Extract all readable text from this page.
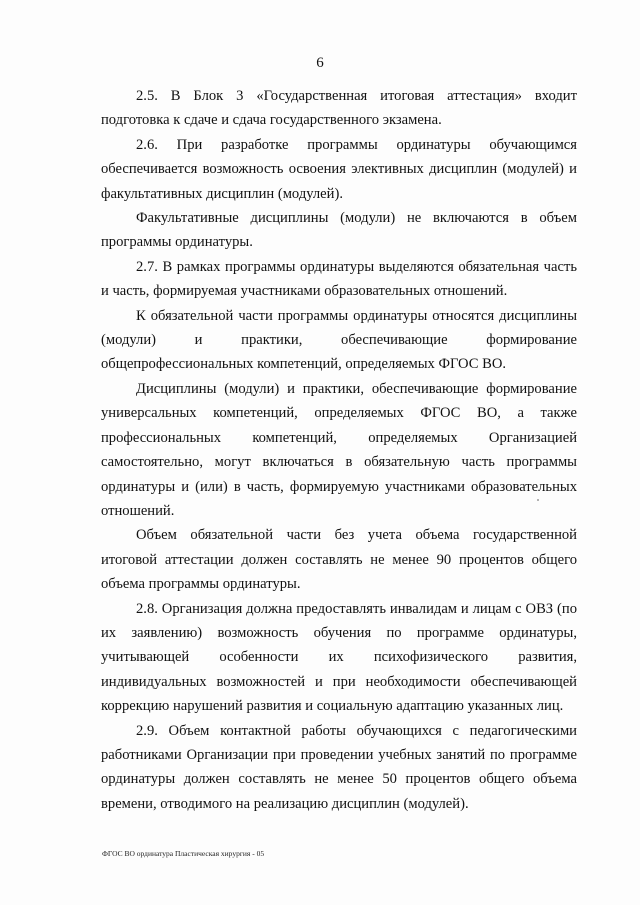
6

2.5. В Блок 3 «Государственная итоговая аттестация» входит подготовка к сдаче и сдача государственного экзамена.

2.6. При разработке программы ординатуры обучающимся обеспечивается возможность освоения элективных дисциплин (модулей) и факультативных дисциплин (модулей).

Факультативные дисциплины (модули) не включаются в объем программы ординатуры.

2.7. В рамках программы ординатуры выделяются обязательная часть и часть, формируемая участниками образовательных отношений.

К обязательной части программы ординатуры относятся дисциплины (модули) и практики, обеспечивающие формирование общепрофессиональных компетенций, определяемых ФГОС ВО.

Дисциплины (модули) и практики, обеспечивающие формирование универсальных компетенций, определяемых ФГОС ВО, а также профессиональных компетенций, определяемых Организацией самостоятельно, могут включаться в обязательную часть программы ординатуры и (или) в часть, формируемую участниками образовательных отношений.

Объем обязательной части без учета объема государственной итоговой аттестации должен составлять не менее 90 процентов общего объема программы ординатуры.

2.8. Организация должна предоставлять инвалидам и лицам с ОВЗ (по их заявлению) возможность обучения по программе ординатуры, учитывающей особенности их психофизического развития, индивидуальных возможностей и при необходимости обеспечивающей коррекцию нарушений развития и социальную адаптацию указанных лиц.

2.9. Объем контактной работы обучающихся с педагогическими работниками Организации при проведении учебных занятий по программе ординатуры должен составлять не менее 50 процентов общего объема времени, отводимого на реализацию дисциплин (модулей).

ФГОС ВО ординатура Пластическая хирургия - 05
